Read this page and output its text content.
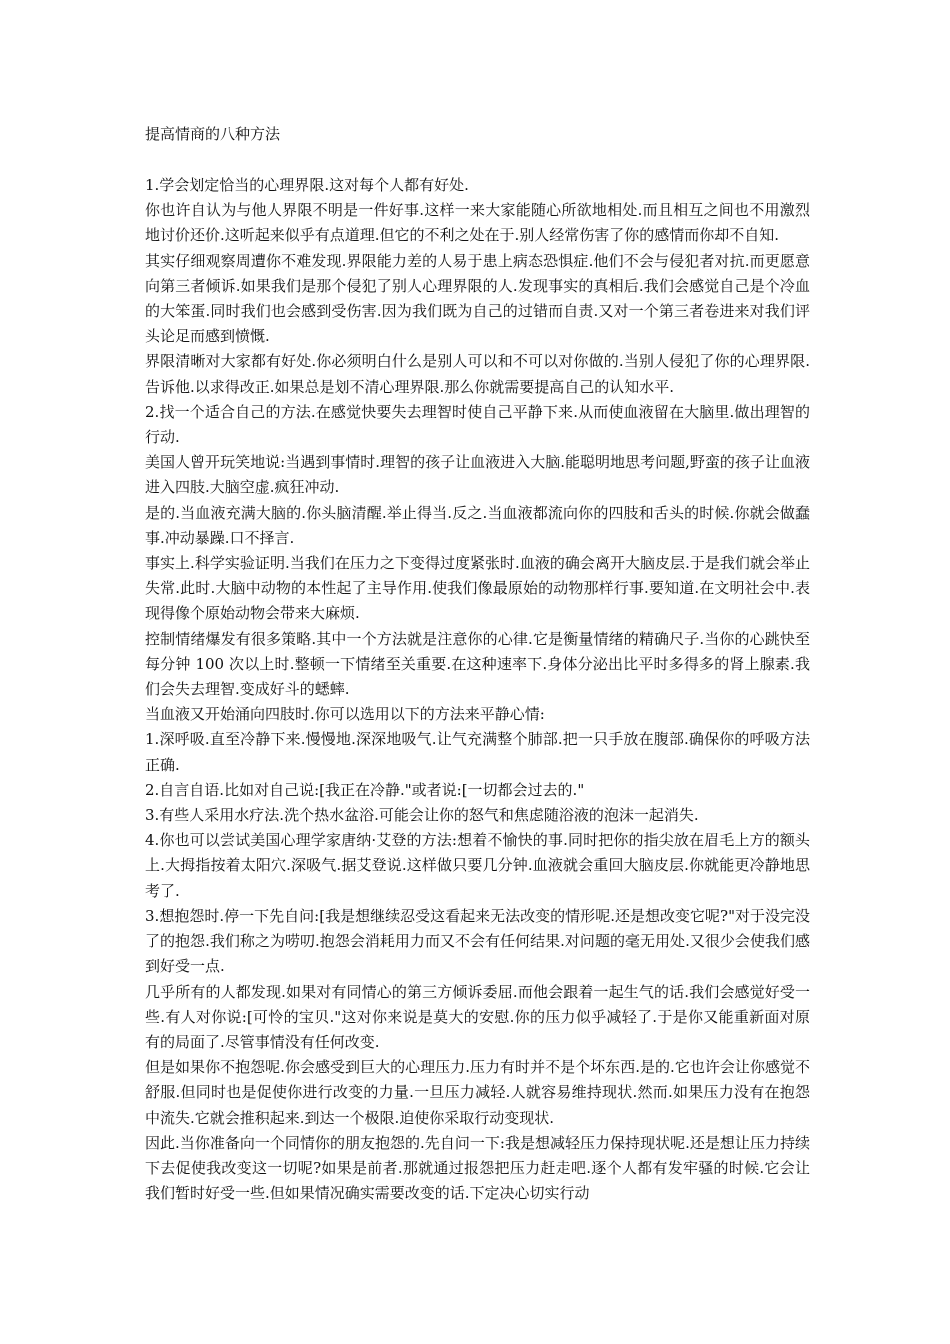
提高情商的八种方法

1.学会划定恰当的心理界限.这对每个人都有好处.

你也许自认为与他人界限不明是一件好事.这样一来大家能随心所欲地相处.而且相互之间也不用激烈地讨价还价.这听起来似乎有点道理.但它的不利之处在于.别人经常伤害了你的感情而你却不自知.

其实仔细观察周遭你不难发现.界限能力差的人易于患上病态恐惧症.他们不会与侵犯者对抗.而更愿意向第三者倾诉.如果我们是那个侵犯了别人心理界限的人.发现事实的真相后.我们会感觉自己是个冷血的大笨蛋.同时我们也会感到受伤害.因为我们既为自己的过错而自责.又对一个第三者卷进来对我们评头论足而感到愤慨.

界限清晰对大家都有好处.你必须明白什么是别人可以和不可以对你做的.当别人侵犯了你的心理界限.告诉他.以求得改正.如果总是划不清心理界限.那么你就需要提高自己的认知水平.

2.找一个适合自己的方法.在感觉快要失去理智时使自己平静下来.从而使血液留在大脑里.做出理智的行动.

美国人曾开玩笑地说:当遇到事情时.理智的孩子让血液进入大脑.能聪明地思考问题,野蛮的孩子让血液进入四肢.大脑空虚.疯狂冲动.

是的.当血液充满大脑的.你头脑清醒.举止得当.反之.当血液都流向你的四肢和舌头的时候.你就会做蠢事.冲动暴躁.口不择言.

事实上.科学实验证明.当我们在压力之下变得过度紧张时.血液的确会离开大脑皮层.于是我们就会举止失常.此时.大脑中动物的本性起了主导作用.使我们像最原始的动物那样行事.要知道.在文明社会中.表现得像个原始动物会带来大麻烦.

控制情绪爆发有很多策略.其中一个方法就是注意你的心律.它是衡量情绪的精确尺子.当你的心跳快至每分钟 100 次以上时.整顿一下情绪至关重要.在这种速率下.身体分泌出比平时多得多的肾上腺素.我们会失去理智.变成好斗的蟋蟀.

当血液又开始涌向四肢时.你可以选用以下的方法来平静心情:

1.深呼吸.直至冷静下来.慢慢地.深深地吸气.让气充满整个肺部.把一只手放在腹部.确保你的呼吸方法正确.

2.自言自语.比如对自己说:[我正在冷静."或者说:[一切都会过去的."

3.有些人采用水疗法.洗个热水盆浴.可能会让你的怒气和焦虑随浴液的泡沫一起消失.

4.你也可以尝试美国心理学家唐纳·艾登的方法:想着不愉快的事.同时把你的指尖放在眉毛上方的额头上.大拇指按着太阳穴.深吸气.据艾登说.这样做只要几分钟.血液就会重回大脑皮层.你就能更冷静地思考了.

3.想抱怨时.停一下先自问:[我是想继续忍受这看起来无法改变的情形呢.还是想改变它呢?"对于没完没了的抱怨.我们称之为唠叨.抱怨会消耗用力而又不会有任何结果.对问题的毫无用处.又很少会使我们感到好受一点.

几乎所有的人都发现.如果对有同情心的第三方倾诉委屈.而他会跟着一起生气的话.我们会感觉好受一些.有人对你说:[可怜的宝贝."这对你来说是莫大的安慰.你的压力似乎减轻了.于是你又能重新面对原有的局面了.尽管事情没有任何改变.

但是如果你不抱怨呢.你会感受到巨大的心理压力.压力有时并不是个坏东西.是的.它也许会让你感觉不舒服.但同时也是促使你进行改变的力量.一旦压力减轻.人就容易维持现状.然而.如果压力没有在抱怨中流失.它就会推积起来.到达一个极限.迫使你采取行动变现状.

因此.当你准备向一个同情你的朋友抱怨的.先自问一下:我是想减轻压力保持现状呢.还是想让压力持续下去促使我改变这一切呢?如果是前者.那就通过报怨把压力赶走吧.逐个人都有发牢骚的时候.它会让我们暂时好受一些.但如果情况确实需要改变的话.下定决心切实行动
